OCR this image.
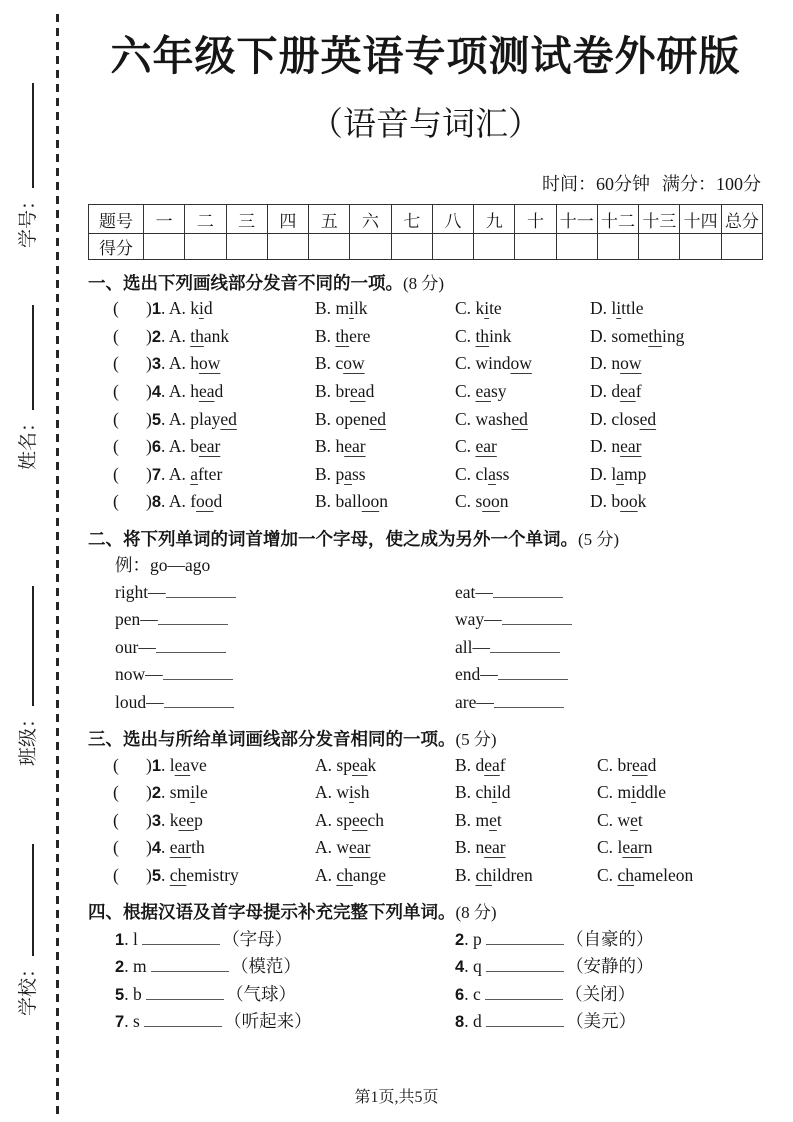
学号：
姓名：
班级：
学校：
六年级下册英语专项测试卷外研版
（语音与词汇）
时间：60分钟 满分：100分
题号	一	二	三	四	五	六	七	八	九	十	十一	十二	十三	十四	总分
得分															
一、选出下列画线部分发音不同的一项。(8 分)
(	)1. A. kid	B. milk	C. kite	D. little
(	)2. A. thank	B. there	C. think	D. something
(	)3. A. how	B. cow	C. window	D. now
(	)4. A. head	B. bread	C. easy	D. deaf
(	)5. A. played	B. opened	C. washed	D. closed
(	)6. A. bear	B. hear	C. ear	D. near
(	)7. A. after	B. pass	C. class	D. lamp
(	)8. A. food	B. balloon	C. soon	D. book
二、将下列单词的词首增加一个字母，使之成为另外一个单词。(5 分)
例：go—ago
right—	eat—
pen—	way—
our—	all—
now—	end—
loud—	are—
三、选出与所给单词画线部分发音相同的一项。(5 分)
(	)1. leave	A. speak	B. deaf	C. bread
(	)2. smile	A. wish	B. child	C. middle
(	)3. keep	A. speech	B. met	C. wet
(	)4. earth	A. wear	B. near	C. learn
(	)5. chemistry	A. change	B. children	C. chameleon
四、根据汉语及首字母提示补充完整下列单词。(8 分)
1. l	（字母）	2. p	（自豪的）
2. m	（模范）	4. q	（安静的）
5. b	（气球）	6. c	（关闭）
7. s	（听起来）	8. d	（美元）
第1页,共5页
